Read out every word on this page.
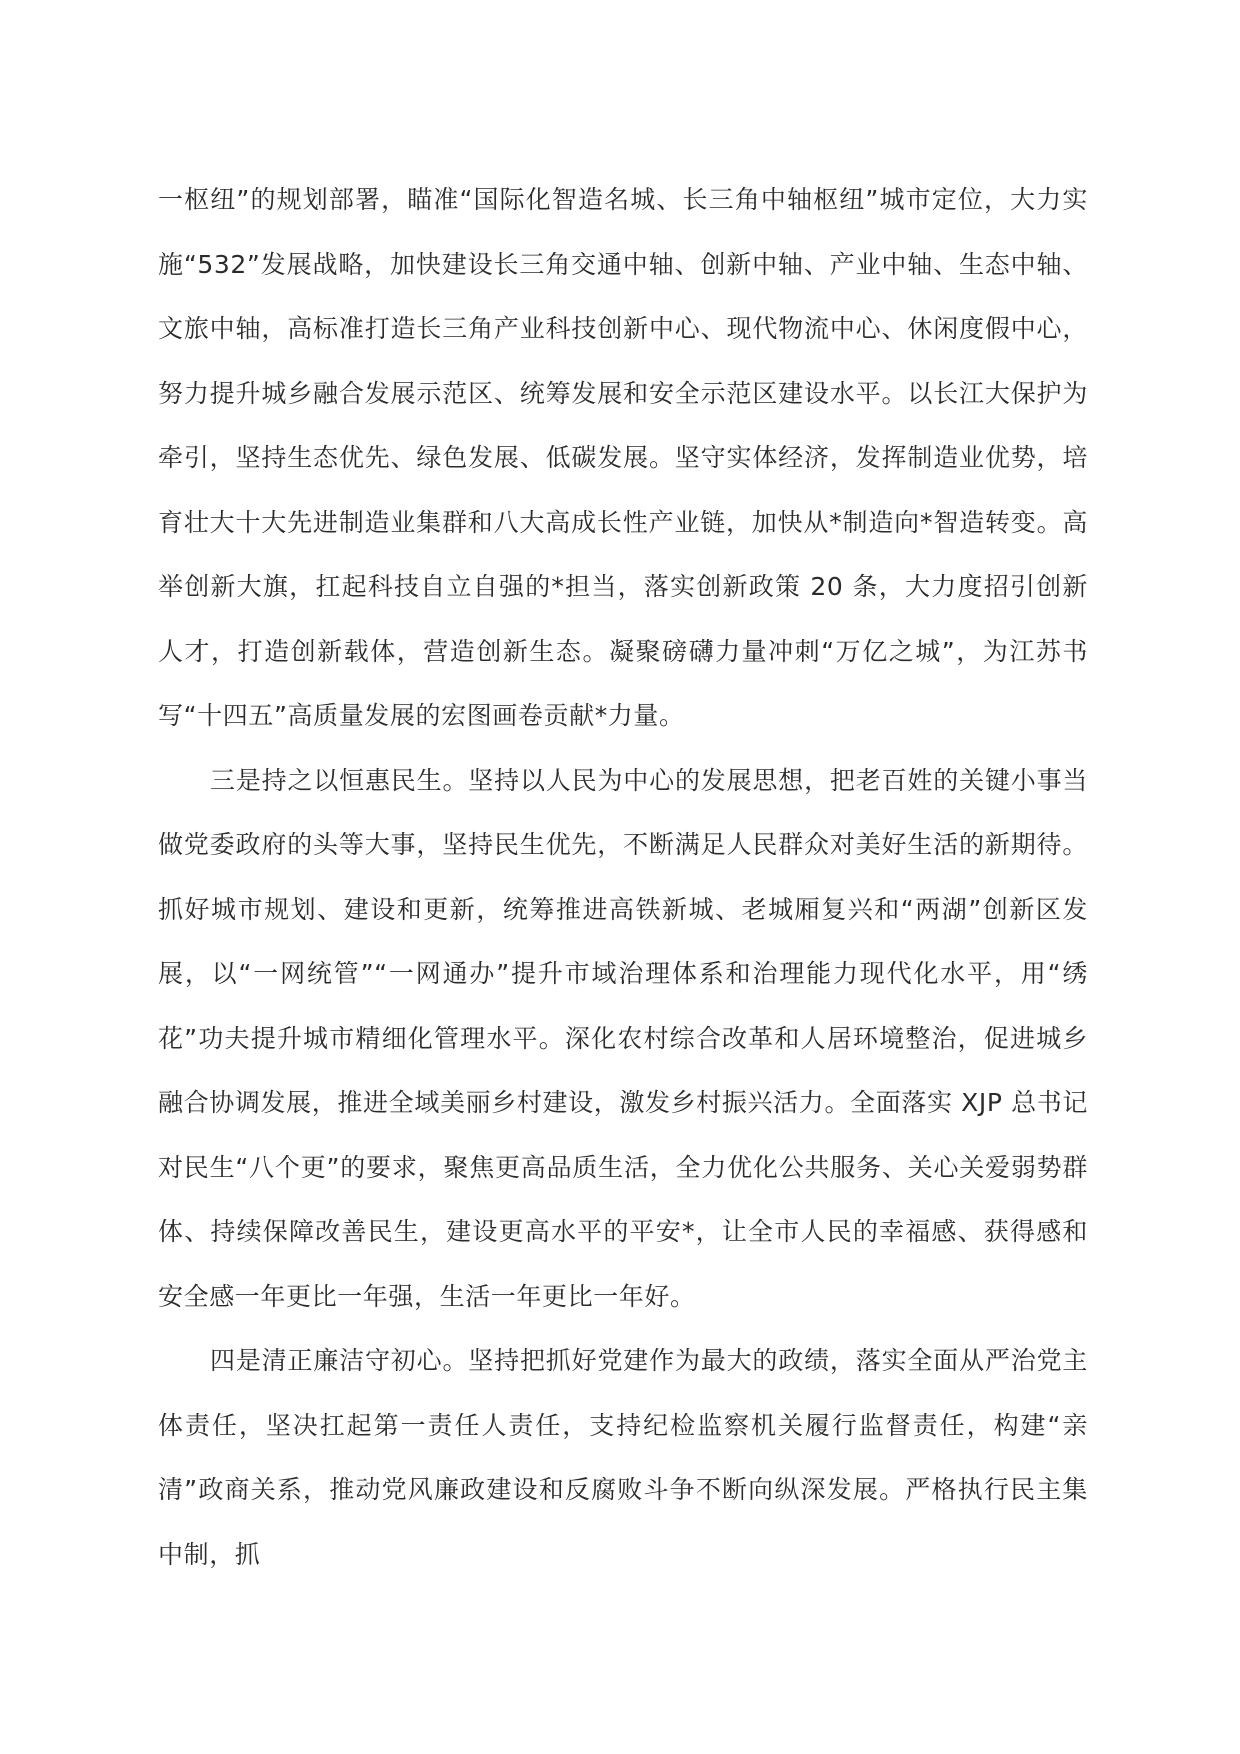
一枢纽”的规划部署，瞄准“国际化智造名城、长三角中轴枢纽”城市定位，大力实施“532”发展战略，加快建设长三角交通中轴、创新中轴、产业中轴、生态中轴、文旅中轴，高标准打造长三角产业科技创新中心、现代物流中心、休闲度假中心，努力提升城乡融合发展示范区、统筹发展和安全示范区建设水平。以长江大保护为牵引，坚持生态优先、绿色发展、低碳发展。坚守实体经济，发挥制造业优势，培育壮大十大先进制造业集群和八大高成长性产业链，加快从*制造向*智造转变。高举创新大旗，扛起科技自立自强的*担当，落实创新政策 20 条，大力度招引创新人才，打造创新载体，营造创新生态。凝聚磅礴力量冲刺“万亿之城”，为江苏书写“十四五”高质量发展的宏图画卷贡献*力量。

三是持之以恒惠民生。坚持以人民为中心的发展思想，把老百姓的关键小事当做党委政府的头等大事，坚持民生优先，不断满足人民群众对美好生活的新期待。抓好城市规划、建设和更新，统筹推进高铁新城、老城厢复兴和“两湖”创新区发展，以“一网统管”“一网通办”提升市域治理体系和治理能力现代化水平，用“绣花”功夫提升城市精细化管理水平。深化农村综合改革和人居环境整治，促进城乡融合协调发展，推进全域美丽乡村建设，激发乡村振兴活力。全面落实 XJP 总书记对民生“八个更”的要求，聚焦更高品质生活，全力优化公共服务、关心关爱弱势群体、持续保障改善民生，建设更高水平的平安*，让全市人民的幸福感、获得感和安全感一年更比一年强，生活一年更比一年好。

四是清正廉洁守初心。坚持把抓好党建作为最大的政绩，落实全面从严治党主体责任，坚决扛起第一责任人责任，支持纪检监察机关履行监督责任，构建“亲清”政商关系，推动党风廉政建设和反腐败斗争不断向纵深发展。严格执行民主集中制，抓
